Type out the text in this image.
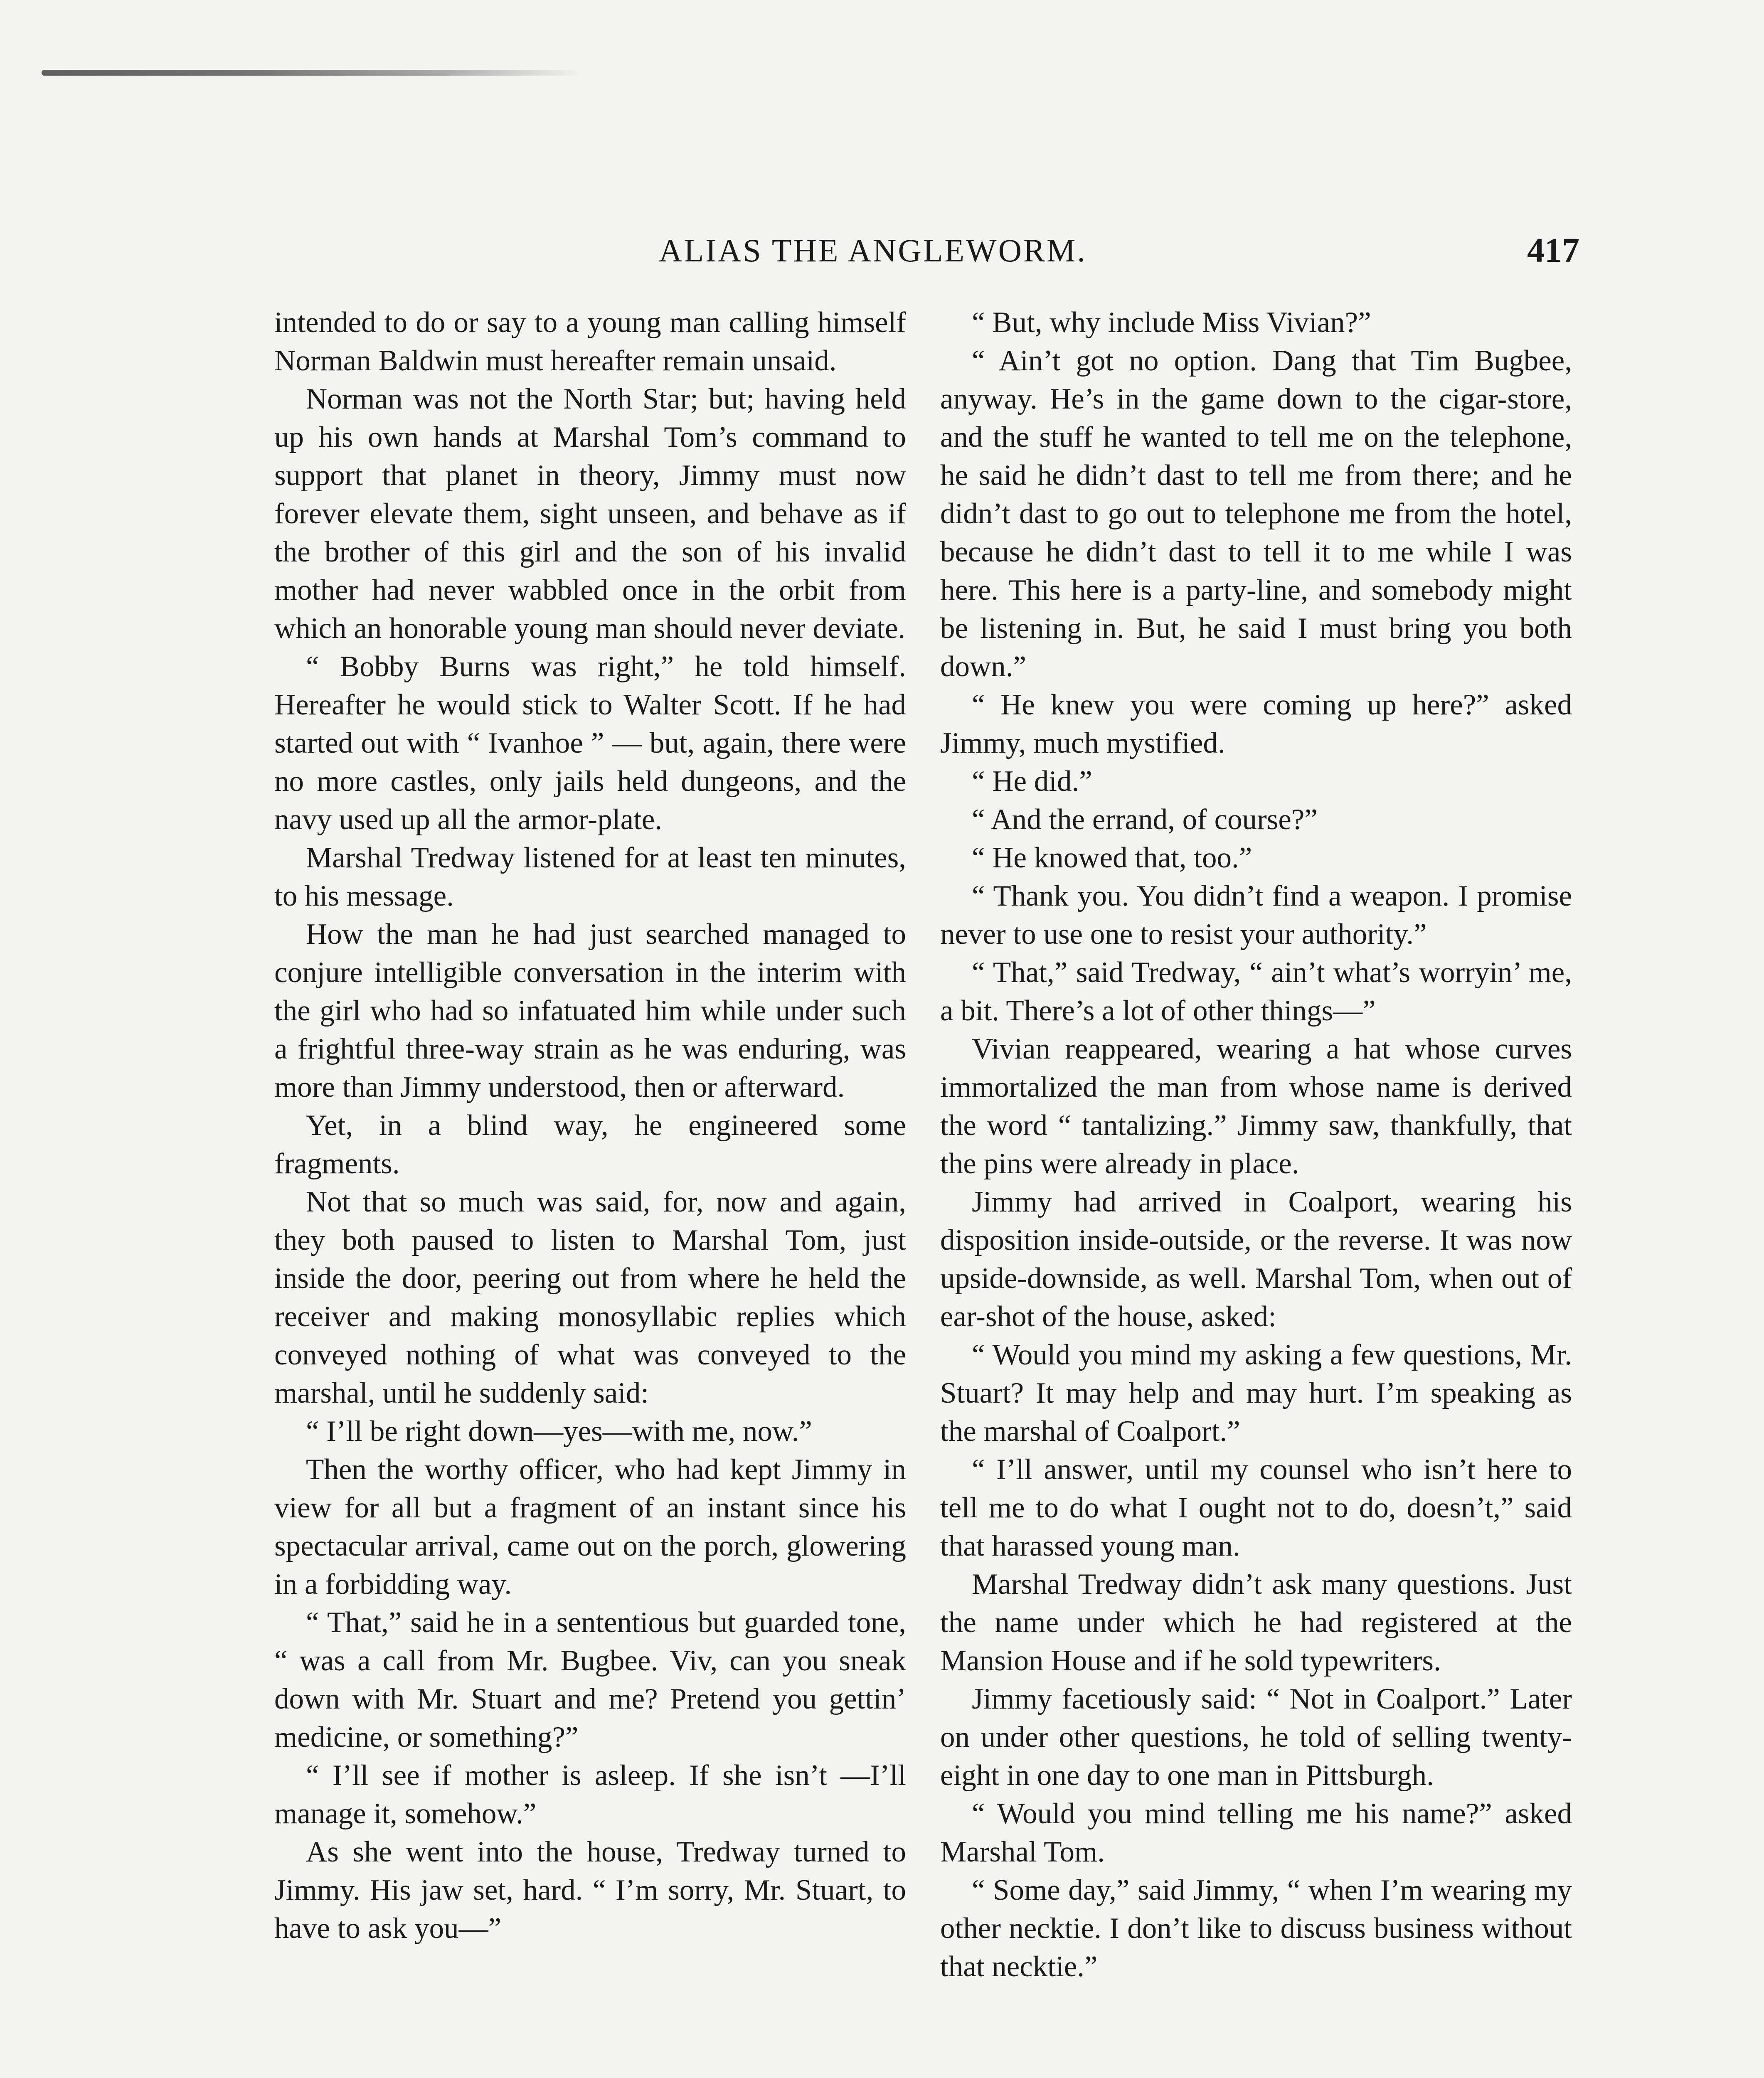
ALIAS THE ANGLEWORM.	417

intended to do or say to a young man calling himself Norman Baldwin must hereafter remain unsaid.

Norman was not the North Star; but; having held up his own hands at Marshal Tom’s command to support that planet in theory, Jimmy must now forever elevate them, sight unseen, and behave as if the brother of this girl and the son of his invalid mother had never wabbled once in the orbit from which an honorable young man should never deviate.

“ Bobby Burns was right,” he told himself. Hereafter he would stick to Walter Scott. If he had started out with “ Ivanhoe ” — but, again, there were no more castles, only jails held dungeons, and the navy used up all the armor-plate.

Marshal Tredway listened for at least ten minutes, to his message.

How the man he had just searched managed to conjure intelligible conversation in the interim with the girl who had so infatuated him while under such a frightful three-way strain as he was enduring, was more than Jimmy understood, then or afterward.

Yet, in a blind way, he engineered some fragments.

Not that so much was said, for, now and again, they both paused to listen to Marshal Tom, just inside the door, peering out from where he held the receiver and making monosyllabic replies which conveyed nothing of what was conveyed to the marshal, until he suddenly said:

“ I’ll be right down—yes—with me, now.”

Then the worthy officer, who had kept Jimmy in view for all but a fragment of an instant since his spectacular arrival, came out on the porch, glowering in a forbidding way.

“ That,” said he in a sententious but guarded tone, “ was a call from Mr. Bugbee. Viv, can you sneak down with Mr. Stuart and me? Pretend you gettin’ medicine, or something?”

“ I’ll see if mother is asleep. If she isn’t —I’ll manage it, somehow.”

As she went into the house, Tredway turned to Jimmy. His jaw set, hard. “ I’m sorry, Mr. Stuart, to have to ask you—”

“ But, why include Miss Vivian?”

“ Ain’t got no option. Dang that Tim Bugbee, anyway. He’s in the game down to the cigar-store, and the stuff he wanted to tell me on the telephone, he said he didn’t dast to tell me from there; and he didn’t dast to go out to telephone me from the hotel, because he didn’t dast to tell it to me while I was here. This here is a party-line, and somebody might be listening in. But, he said I must bring you both down.”

“ He knew you were coming up here?” asked Jimmy, much mystified.

“ He did.”

“ And the errand, of course?”

“ He knowed that, too.”

“ Thank you. You didn’t find a weapon. I promise never to use one to resist your authority.”

“ That,” said Tredway, “ ain’t what’s worryin’ me, a bit. There’s a lot of other things—”

Vivian reappeared, wearing a hat whose curves immortalized the man from whose name is derived the word “ tantalizing.” Jimmy saw, thankfully, that the pins were already in place.

Jimmy had arrived in Coalport, wearing his disposition inside-outside, or the reverse. It was now upside-downside, as well. Marshal Tom, when out of ear-shot of the house, asked:

“ Would you mind my asking a few questions, Mr. Stuart? It may help and may hurt. I’m speaking as the marshal of Coalport.”

“ I’ll answer, until my counsel who isn’t here to tell me to do what I ought not to do, doesn’t,” said that harassed young man.

Marshal Tredway didn’t ask many questions. Just the name under which he had registered at the Mansion House and if he sold typewriters.

Jimmy facetiously said: “ Not in Coalport.” Later on under other questions, he told of selling twenty-eight in one day to one man in Pittsburgh.

“ Would you mind telling me his name?” asked Marshal Tom.

“ Some day,” said Jimmy, “ when I’m wearing my other necktie. I don’t like to discuss business without that necktie.”
